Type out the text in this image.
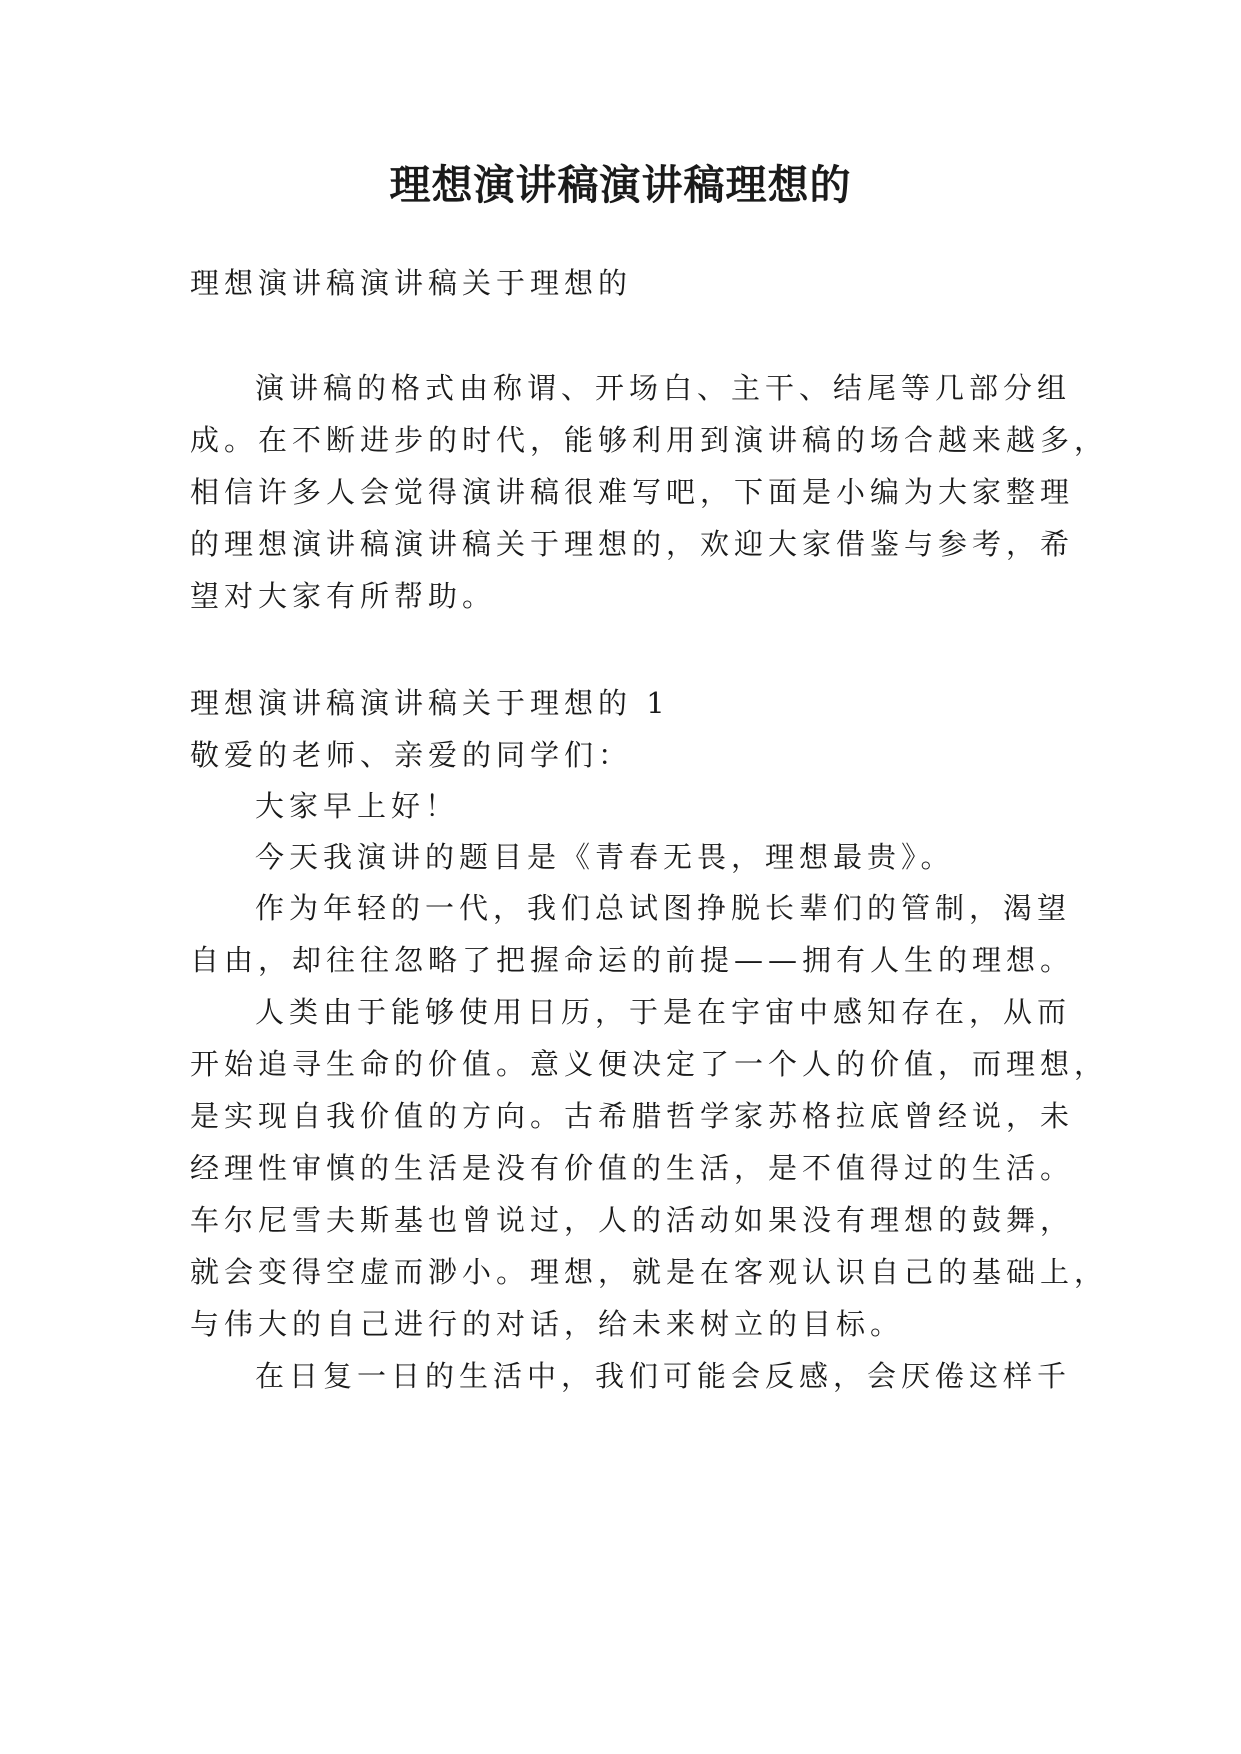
理想演讲稿演讲稿理想的
理想演讲稿演讲稿关于理想的
演讲稿的格式由称谓、开场白、主干、结尾等几部分组
成。在不断进步的时代，能够利用到演讲稿的场合越来越多，
相信许多人会觉得演讲稿很难写吧，下面是小编为大家整理
的理想演讲稿演讲稿关于理想的，欢迎大家借鉴与参考，希
望对大家有所帮助。
理想演讲稿演讲稿关于理想的 1
敬爱的老师、亲爱的同学们：
大家早上好！
今天我演讲的题目是《青春无畏，理想最贵》。
作为年轻的一代，我们总试图挣脱长辈们的管制，渴望
自由，却往往忽略了把握命运的前提——拥有人生的理想。
人类由于能够使用日历，于是在宇宙中感知存在，从而
开始追寻生命的价值。意义便决定了一个人的价值，而理想，
是实现自我价值的方向。古希腊哲学家苏格拉底曾经说，未
经理性审慎的生活是没有价值的生活，是不值得过的生活。
车尔尼雪夫斯基也曾说过，人的活动如果没有理想的鼓舞，
就会变得空虚而渺小。理想，就是在客观认识自己的基础上，
与伟大的自己进行的对话，给未来树立的目标。
在日复一日的生活中，我们可能会反感，会厌倦这样千
